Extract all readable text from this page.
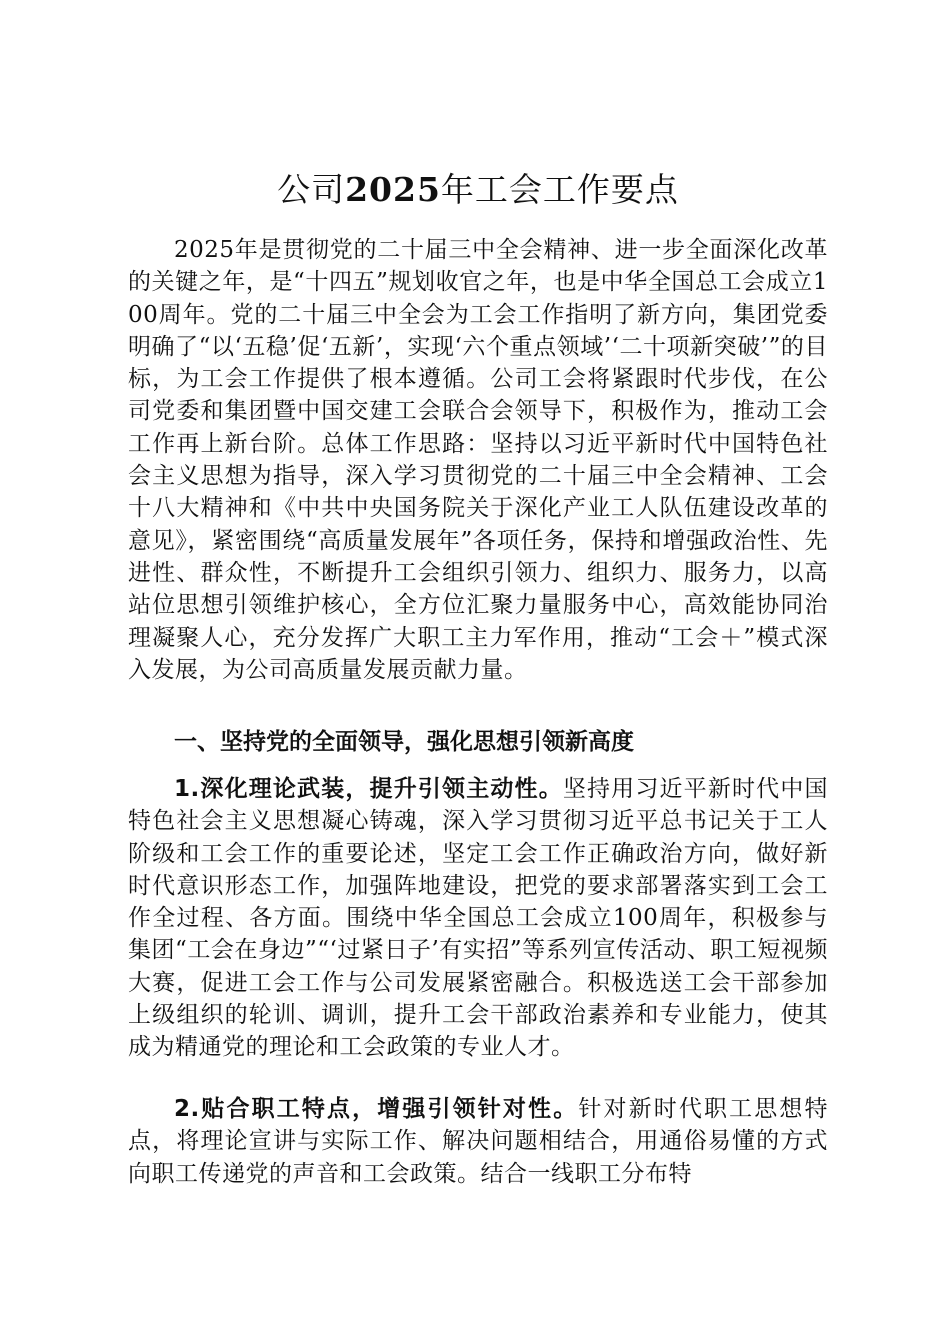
公司2025年工会工作要点

2025年是贯彻党的二十届三中全会精神、进一步全面深化改革的关键之年，是“十四五”规划收官之年，也是中华全国总工会成立100周年。党的二十届三中全会为工会工作指明了新方向，集团党委明确了“以‘五稳’促‘五新’，实现‘六个重点领域’‘二十项新突破’”的目标，为工会工作提供了根本遵循。公司工会将紧跟时代步伐，在公司党委和集团暨中国交建工会联合会领导下，积极作为，推动工会工作再上新台阶。总体工作思路：坚持以习近平新时代中国特色社会主义思想为指导，深入学习贯彻党的二十届三中全会精神、工会十八大精神和《中共中央国务院关于深化产业工人队伍建设改革的意见》，紧密围绕“高质量发展年”各项任务，保持和增强政治性、先进性、群众性，不断提升工会组织引领力、组织力、服务力，以高站位思想引领维护核心，全方位汇聚力量服务中心，高效能协同治理凝聚人心，充分发挥广大职工主力军作用，推动“工会＋”模式深入发展，为公司高质量发展贡献力量。

一、坚持党的全面领导，强化思想引领新高度

1.深化理论武装，提升引领主动性。坚持用习近平新时代中国特色社会主义思想凝心铸魂，深入学习贯彻习近平总书记关于工人阶级和工会工作的重要论述，坚定工会工作正确政治方向，做好新时代意识形态工作，加强阵地建设，把党的要求部署落实到工会工作全过程、各方面。围绕中华全国总工会成立100周年，积极参与集团“工会在身边”“‘过紧日子’有实招”等系列宣传活动、职工短视频大赛，促进工会工作与公司发展紧密融合。积极选送工会干部参加上级组织的轮训、调训，提升工会干部政治素养和专业能力，使其成为精通党的理论和工会政策的专业人才。

2.贴合职工特点，增强引领针对性。针对新时代职工思想特点，将理论宣讲与实际工作、解决问题相结合，用通俗易懂的方式向职工传递党的声音和工会政策。结合一线职工分布特
